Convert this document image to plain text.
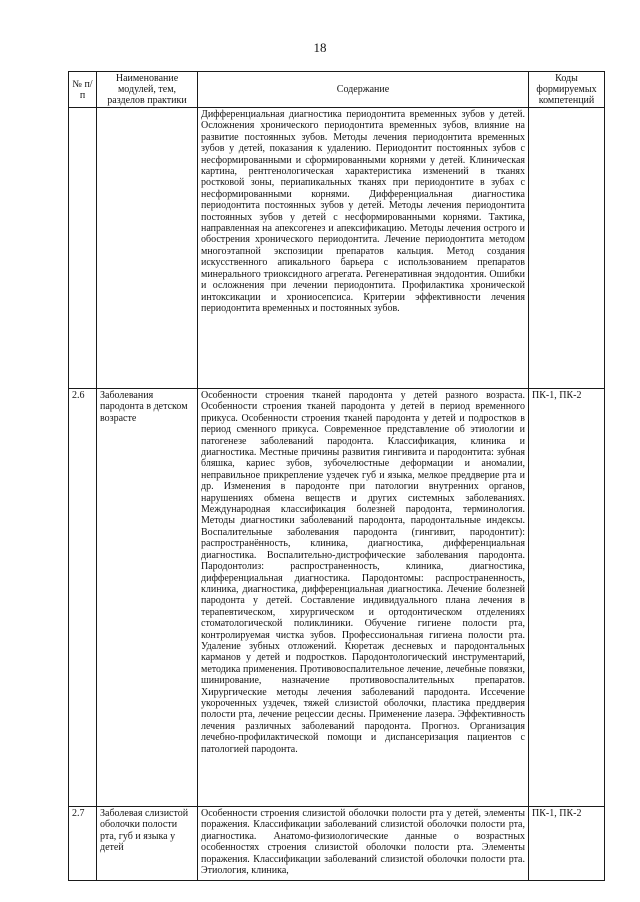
18
№ п/п	Наименование модулей, тем, разделов практики	Содержание	Коды формируемых компетенций
		Дифференциальная диагностика периодонтита временных зубов у детей. Осложнения хронического периодонтита временных зубов, влияние на развитие постоянных зубов. Методы лечения периодонтита временных зубов у детей, показания к удалению. Периодонтит постоянных зубов с несформированными и сформированными корнями у детей. Клиническая картина, рентгенологическая характеристика изменений в тканях ростковой зоны, периапикальных тканях при периодонтите в зубах с несформированными корнями. Дифференциальная диагностика периодонтита постоянных зубов у детей. Методы лечения периодонтита постоянных зубов у детей с несформированными корнями. Тактика, направленная на апексогенез и апексификацию. Методы лечения острого и обострения хронического периодонтита. Лечение периодонтита методом многоэтапной экспозиции препаратов кальция. Метод создания искусственного апикального барьера с использованием препаратов минерального триоксидного агрегата. Регенеративная эндодонтия. Ошибки и осложнения при лечении периодонтита. Профилактика хронической интоксикации и хрониосепсиса. Критерии эффективности лечения периодонтита временных и постоянных зубов.	
2.6	Заболевания пародонта в детском возрасте	Особенности строения тканей пародонта у детей разного возраста. Особенности строения тканей пародонта у детей в период временного прикуса. Особенности строения тканей пародонта у детей и подростков в период сменного прикуса. Современное представление об этиологии и патогенезе заболеваний пародонта. Классификация, клиника и диагностика. Местные причины развития гингивита и пародонтита: зубная бляшка, кариес зубов, зубочелюстные деформации и аномалии, неправильное прикрепление уздечек губ и языка, мелкое преддверие рта и др. Изменения в пародонте при патологии внутренних органов, нарушениях обмена веществ и других системных заболеваниях. Международная классификация болезней пародонта, терминология. Методы диагностики заболеваний пародонта, пародонтальные индексы. Воспалительные заболевания пародонта (гингивит, пародонтит): распространённость, клиника, диагностика, дифференциальная диагностика. Воспалительно-дистрофические заболевания пародонта. Пародонтолиз: распространенность, клиника, диагностика, дифференциальная диагностика. Пародонтомы: распространенность, клиника, диагностика, дифференциальная диагностика. Лечение болезней пародонта у детей. Составление индивидуального плана лечения в терапевтическом, хирургическом и ортодонтическом отделениях стоматологической поликлиники. Обучение гигиене полости рта, контролируемая чистка зубов. Профессиональная гигиена полости рта. Удаление зубных отложений. Кюретаж десневых и пародонтальных карманов у детей и подростков. Пародонтологический инструментарий, методика применения. Противовоспалительное лечение, лечебные повязки, шинирование, назначение противовоспалительных препаратов. Хирургические методы лечения заболеваний пародонта. Иссечение укороченных уздечек, тяжей слизистой оболочки, пластика преддверия полости рта, лечение рецессии десны. Применение лазера. Эффективность лечения различных заболеваний пародонта. Прогноз. Организация лечебно-профилактической помощи и диспансеризация пациентов с патологией пародонта.	ПК-1, ПК-2
2.7	Заболевая слизистой оболочки полости рта, губ и языка у детей	Особенности строения слизистой оболочки полости рта у детей, элементы поражения. Классификации заболеваний слизистой оболочки полости рта, диагностика. Анатомо-физиологические данные о возрастных особенностях строения слизистой оболочки полости рта. Элементы поражения. Классификации заболеваний слизистой оболочки полости рта. Этиология, клиника,	ПК-1, ПК-2
